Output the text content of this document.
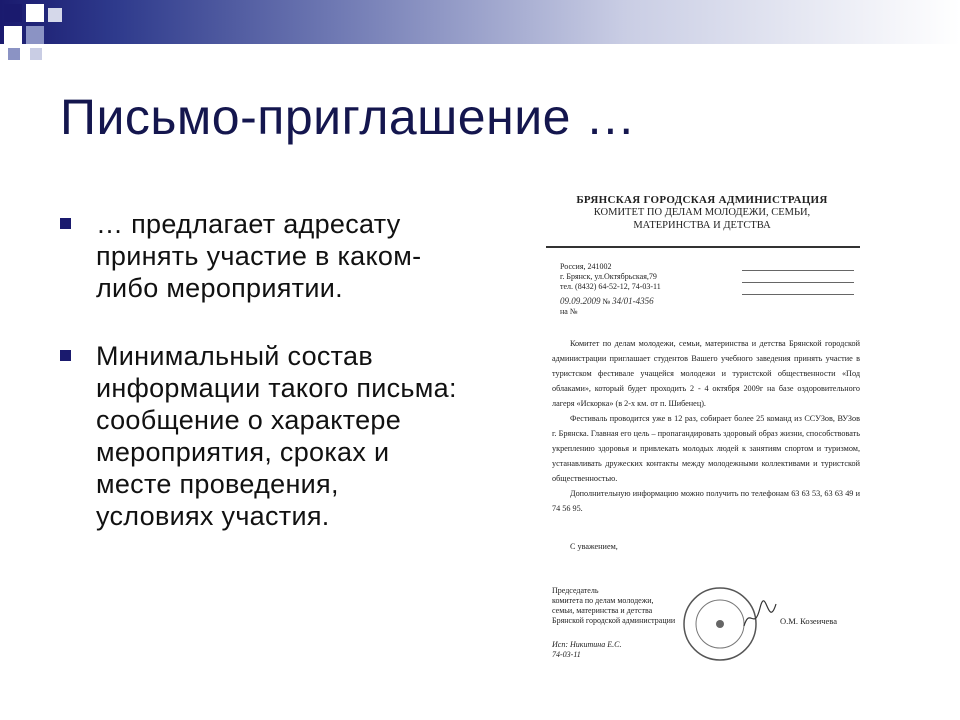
Письмо-приглашение …
… предлагает адресату принять участие в каком-либо мероприятии.
Минимальный состав информации такого письма: сообщение о характере мероприятия, сроках и месте проведения, условиях участия.
БРЯНСКАЯ ГОРОДСКАЯ АДМИНИСТРАЦИЯ
КОМИТЕТ ПО ДЕЛАМ МОЛОДЕЖИ, СЕМЬИ,
МАТЕРИНСТВА И ДЕТСТВА
Россия, 241002
г. Брянск, ул.Октябрьская,79
тел. (8432) 64-52-12, 74-03-11
09.09.2009 № 34/01-4356
на №

Комитет по делам молодежи, семьи, материнства и детства Брянской городской администрации приглашает студентов Вашего учебного заведения принять участие в туристском фестивале учащейся молодежи и туристской общественности «Под облаками», который будет проходить 2 - 4 октября 2009г на базе оздоровительного лагеря «Искорка» (в 2-х км. от п. Шибенец).

Фестиваль проводится уже в 12 раз, собирает более 25 команд из ССУЗов, ВУЗов г. Брянска. Главная его цель – пропагандировать здоровый образ жизни, способствовать укреплению здоровья и привлекать молодых людей к занятиям спортом и туризмом, устанавливать дружеских контакты между молодежными коллективами и туристской общественностью.

Дополнительную информацию можно получить по телефонам 63 63 53, 63 63 49 и 74 56 95.

С уважением,
Председатель
комитета по делам молодежи,
семьи, материнства и детства
Брянской городской администрации	О.М. Козеичева
Исп: Никитина Е.С.
74-03-11
